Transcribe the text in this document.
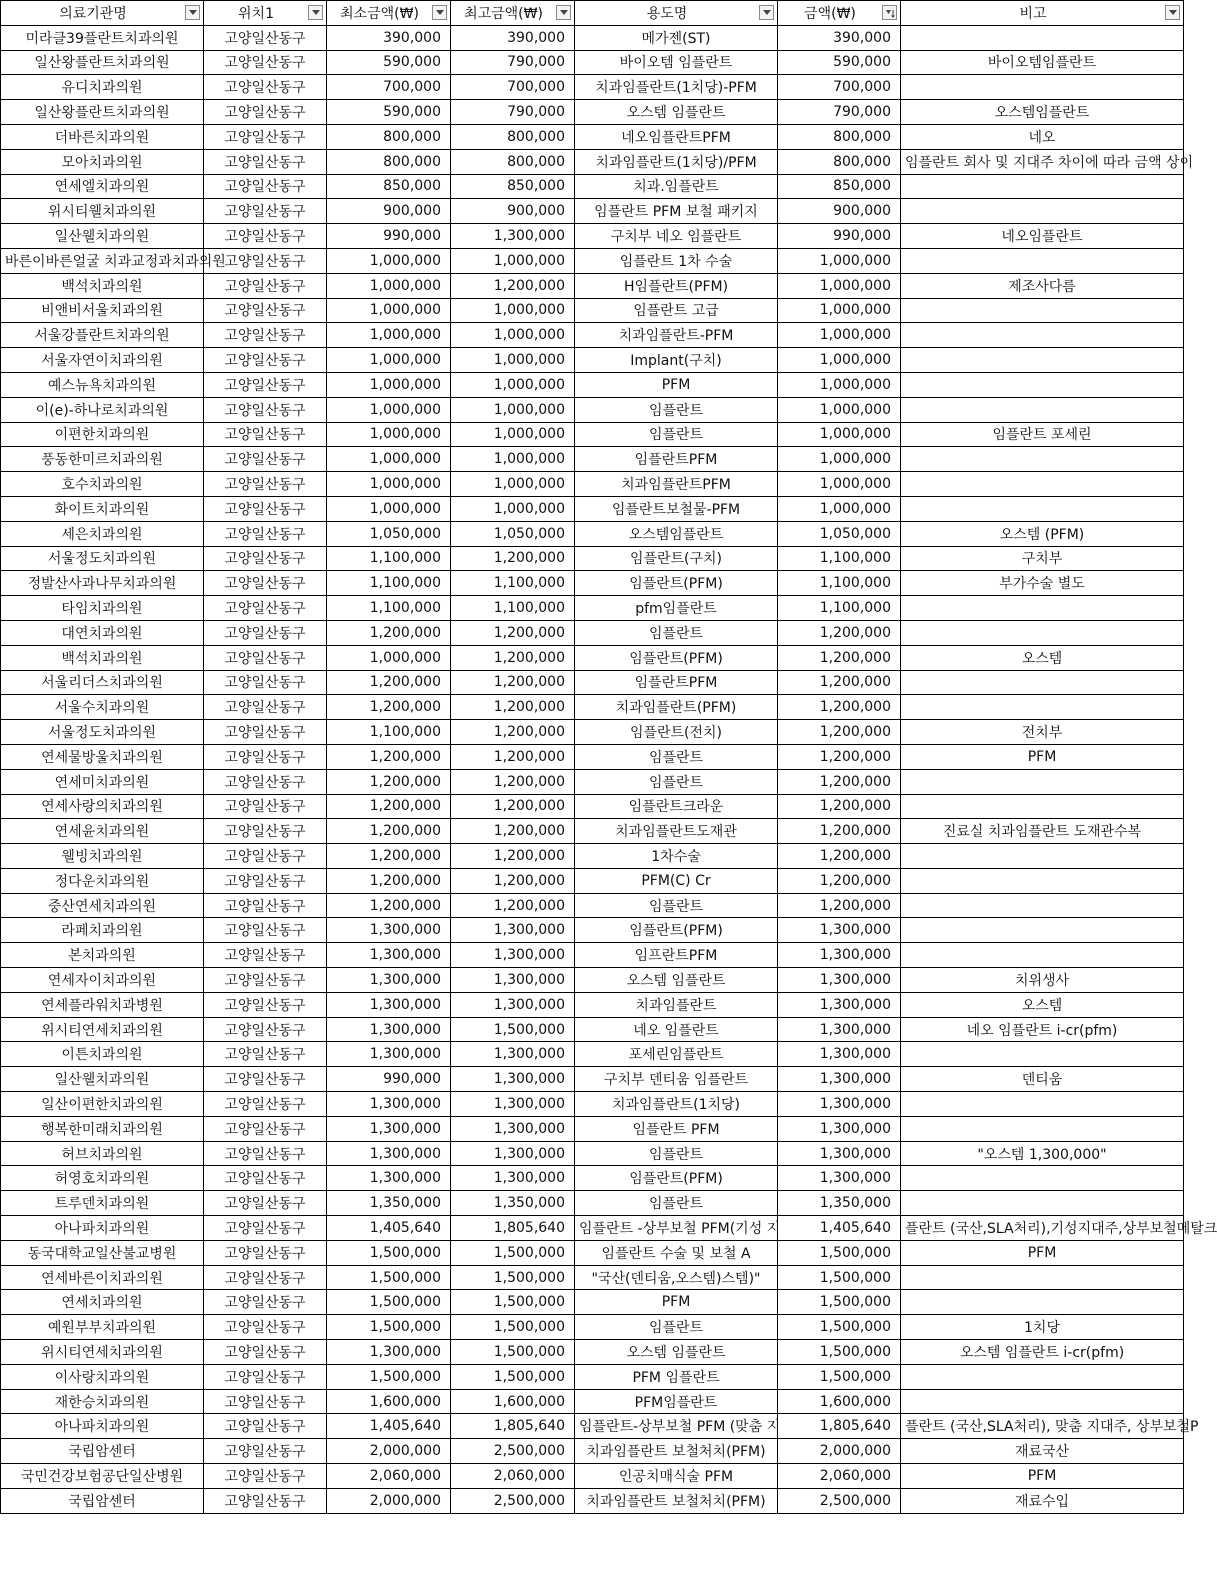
의료기관명	위치1	최소금액(₩)	최고금액(₩)	용도명	금액(₩)	비고

미라클39플란트치과의원	고양일산동구	390,000	390,000	메가젠(ST)	390,000	
일산왕플란트치과의원	고양일산동구	590,000	790,000	바이오템 임플란트	590,000	바이오템임플란트
유디치과의원	고양일산동구	700,000	700,000	치과임플란트(1치당)-PFM	700,000	
일산왕플란트치과의원	고양일산동구	590,000	790,000	오스템 임플란트	790,000	오스템임플란트
더바른치과의원	고양일산동구	800,000	800,000	네오임플란트PFM	800,000	네오
모아치과의원	고양일산동구	800,000	800,000	치과임플란트(1치당)/PFM	800,000	임플란트 회사 및 지대주 차이에 따라 금액 상이
연세엘치과의원	고양일산동구	850,000	850,000	치과.임플란트	850,000	
위시티웰치과의원	고양일산동구	900,000	900,000	임플란트 PFM 보철 패키지	900,000	
일산웰치과의원	고양일산동구	990,000	1,300,000	구치부 네오 임플란트	990,000	네오임플란트
바른이바른얼굴 치과교정과치과의원	고양일산동구	1,000,000	1,000,000	임플란트 1차 수술	1,000,000	
백석치과의원	고양일산동구	1,000,000	1,200,000	H임플란트(PFM)	1,000,000	제조사다름
비앤비서울치과의원	고양일산동구	1,000,000	1,000,000	임플란트 고급	1,000,000	
서울강플란트치과의원	고양일산동구	1,000,000	1,000,000	치과임플란트-PFM	1,000,000	
서울자연이치과의원	고양일산동구	1,000,000	1,000,000	Implant(구치)	1,000,000	
예스뉴욕치과의원	고양일산동구	1,000,000	1,000,000	PFM	1,000,000	
이(e)-하나로치과의원	고양일산동구	1,000,000	1,000,000	임플란트	1,000,000	
이편한치과의원	고양일산동구	1,000,000	1,000,000	임플란트	1,000,000	임플란트 포세린
풍동한미르치과의원	고양일산동구	1,000,000	1,000,000	임플란트PFM	1,000,000	
호수치과의원	고양일산동구	1,000,000	1,000,000	치과임플란트PFM	1,000,000	
화이트치과의원	고양일산동구	1,000,000	1,000,000	임플란트보철물-PFM	1,000,000	
세은치과의원	고양일산동구	1,050,000	1,050,000	오스템임플란트	1,050,000	오스템 (PFM)
서울정도치과의원	고양일산동구	1,100,000	1,200,000	임플란트(구치)	1,100,000	구치부
정발산사과나무치과의원	고양일산동구	1,100,000	1,100,000	임플란트(PFM)	1,100,000	부가수술 별도
타임치과의원	고양일산동구	1,100,000	1,100,000	pfm임플란트	1,100,000	
대연치과의원	고양일산동구	1,200,000	1,200,000	임플란트	1,200,000	
백석치과의원	고양일산동구	1,000,000	1,200,000	임플란트(PFM)	1,200,000	오스템
서울리더스치과의원	고양일산동구	1,200,000	1,200,000	임플란트PFM	1,200,000	
서울수치과의원	고양일산동구	1,200,000	1,200,000	치과임플란트(PFM)	1,200,000	
서울정도치과의원	고양일산동구	1,100,000	1,200,000	임플란트(전치)	1,200,000	전치부
연세물방울치과의원	고양일산동구	1,200,000	1,200,000	임플란트	1,200,000	PFM
연세미치과의원	고양일산동구	1,200,000	1,200,000	임플란트	1,200,000	
연세사랑의치과의원	고양일산동구	1,200,000	1,200,000	임플란트크라운	1,200,000	
연세윤치과의원	고양일산동구	1,200,000	1,200,000	치과임플란트도재관	1,200,000	진료실 치과임플란트 도재관수복
웰빙치과의원	고양일산동구	1,200,000	1,200,000	1차수술	1,200,000	
정다운치과의원	고양일산동구	1,200,000	1,200,000	PFM(C) Cr	1,200,000	
중산연세치과의원	고양일산동구	1,200,000	1,200,000	임플란트	1,200,000	
라페치과의원	고양일산동구	1,300,000	1,300,000	임플란트(PFM)	1,300,000	
본치과의원	고양일산동구	1,300,000	1,300,000	임프란트PFM	1,300,000	
연세자이치과의원	고양일산동구	1,300,000	1,300,000	오스템 임플란트	1,300,000	치위생사
연세플라워치과병원	고양일산동구	1,300,000	1,300,000	치과임플란트	1,300,000	오스템
위시티연세치과의원	고양일산동구	1,300,000	1,500,000	네오 임플란트	1,300,000	네오 임플란트 i-cr(pfm)
이튼치과의원	고양일산동구	1,300,000	1,300,000	포세린임플란트	1,300,000	
일산웰치과의원	고양일산동구	990,000	1,300,000	구치부 덴티움 임플란트	1,300,000	덴티움
일산이편한치과의원	고양일산동구	1,300,000	1,300,000	치과임플란트(1치당)	1,300,000	
행복한미래치과의원	고양일산동구	1,300,000	1,300,000	임플란트 PFM	1,300,000	
허브치과의원	고양일산동구	1,300,000	1,300,000	임플란트	1,300,000	"오스템 1,300,000"
허영호치과의원	고양일산동구	1,300,000	1,300,000	임플란트(PFM)	1,300,000	
트루덴치과의원	고양일산동구	1,350,000	1,350,000	임플란트	1,350,000	
아나파치과의원	고양일산동구	1,405,640	1,805,640	임플란트 -상부보철 PFM(기성 지	1,405,640	플란트 (국산,SLA처리),기성지대주,상부보철메탈크
동국대학교일산불교병원	고양일산동구	1,500,000	1,500,000	임플란트 수술 및 보철 A	1,500,000	PFM
연세바른이치과의원	고양일산동구	1,500,000	1,500,000	"국산(덴티움,오스템)스템)"	1,500,000	
연세치과의원	고양일산동구	1,500,000	1,500,000	PFM	1,500,000	
예원부부치과의원	고양일산동구	1,500,000	1,500,000	임플란트	1,500,000	1치당
위시티연세치과의원	고양일산동구	1,300,000	1,500,000	오스템 임플란트	1,500,000	오스템 임플란트 i-cr(pfm)
이사랑치과의원	고양일산동구	1,500,000	1,500,000	PFM 임플란트	1,500,000	
재한승치과의원	고양일산동구	1,600,000	1,600,000	PFM임플란트	1,600,000	
아나파치과의원	고양일산동구	1,405,640	1,805,640	임플란트-상부보철 PFM (맞춤 지	1,805,640	플란트 (국산,SLA처리), 맞춤 지대주, 상부보철P
국립암센터	고양일산동구	2,000,000	2,500,000	치과임플란트 보철처치(PFM)	2,000,000	재료국산
국민건강보험공단일산병원	고양일산동구	2,060,000	2,060,000	인공치매식술 PFM	2,060,000	PFM
국립암센터	고양일산동구	2,000,000	2,500,000	치과임플란트 보철처치(PFM)	2,500,000	재료수입
